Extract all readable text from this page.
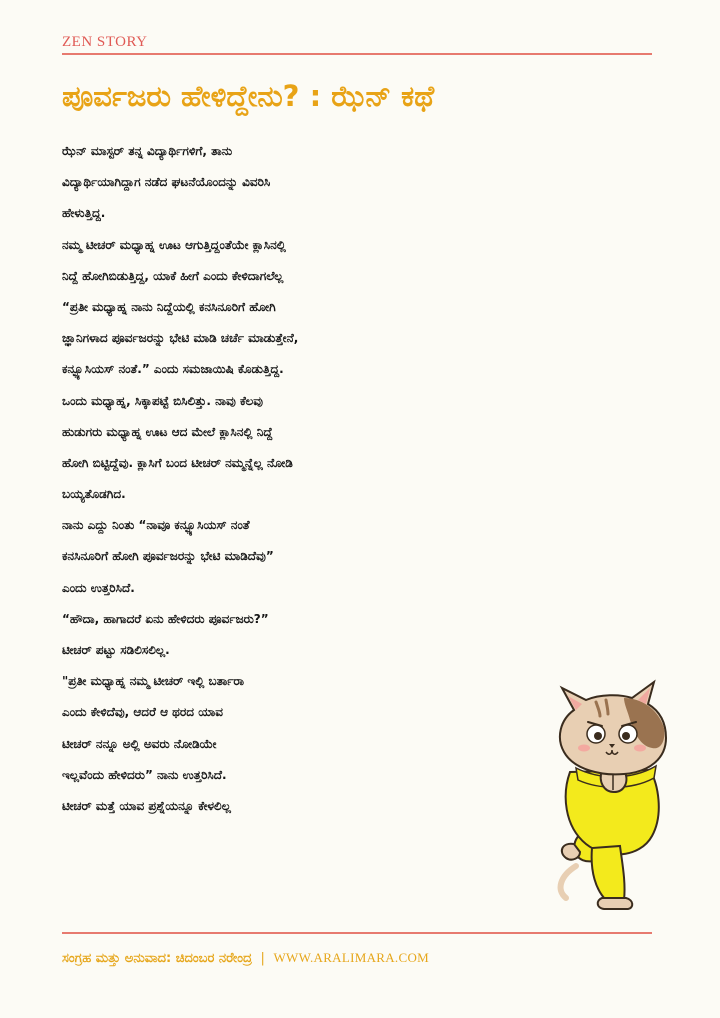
ZEN STORY
ಪೂರ್ವಜರು ಹೇಳಿದ್ದೇನು? : ಝೆನ್ ಕಥೆ
ಝೆನ್ ಮಾಸ್ಟರ್ ತನ್ನ ವಿದ್ಯಾರ್ಥಿಗಳಿಗೆ, ತಾನು
ವಿದ್ಯಾರ್ಥಿಯಾಗಿದ್ದಾಗ ನಡೆದ ಘಟನೆಯೊಂದನ್ನು ವಿವರಿಸಿ
ಹೇಳುತ್ತಿದ್ದ.
ನಮ್ಮ ಟೀಚರ್ ಮಧ್ಯಾಹ್ನ ಊಟ ಆಗುತ್ತಿದ್ದಂತೆಯೇ ಕ್ಲಾಸಿನಲ್ಲಿ
ನಿದ್ದೆ ಹೋಗಿಬಿಡುತ್ತಿದ್ದ, ಯಾಕೆ ಹೀಗೆ ಎಂದು ಕೇಳಿದಾಗಲೆಲ್ಲ
“ಪ್ರತೀ ಮಧ್ಯಾಹ್ನ ನಾನು ನಿದ್ದೆಯಲ್ಲಿ ಕನಸಿನೂರಿಗೆ ಹೋಗಿ
ಜ್ಞಾನಿಗಳಾದ ಪೂರ್ವಜರನ್ನು ಭೇಟಿ ಮಾಡಿ ಚರ್ಚೆ ಮಾಡುತ್ತೇನೆ,
ಕನ್ಫ್ಯೂಸಿಯಸ್ ನಂತೆ.” ಎಂದು ಸಮಜಾಯಿಷಿ ಕೊಡುತ್ತಿದ್ದ.
ಒಂದು ಮಧ್ಯಾಹ್ನ, ಸಿಕ್ಕಾಪಟ್ಟೆ ಬಿಸಿಲಿತ್ತು. ನಾವು ಕೆಲವು
ಹುಡುಗರು ಮಧ್ಯಾಹ್ನ ಊಟ ಆದ ಮೇಲೆ ಕ್ಲಾಸಿನಲ್ಲಿ ನಿದ್ದೆ
ಹೋಗಿ ಬಿಟ್ಟಿದ್ದೆವು. ಕ್ಲಾಸಿಗೆ ಬಂದ ಟೀಚರ್ ನಮ್ಮನ್ನೆಲ್ಲ ನೋಡಿ
ಬಯ್ಯತೊಡಗಿದ.
ನಾನು ಎದ್ದು ನಿಂತು “ನಾವೂ ಕನ್ಫ್ಯೂಸಿಯಸ್ ನಂತೆ
ಕನಸಿನೂರಿಗೆ ಹೋಗಿ ಪೂರ್ವಜರನ್ನು ಭೇಟಿ ಮಾಡಿದೆವು”
ಎಂದು ಉತ್ತರಿಸಿದೆ.
“ಹೌದಾ, ಹಾಗಾದರೆ ಏನು ಹೇಳಿದರು ಪೂರ್ವಜರು?”
ಟೀಚರ್ ಪಟ್ಟು ಸಡಿಲಿಸಲಿಲ್ಲ.
"ಪ್ರತೀ ಮಧ್ಯಾಹ್ನ ನಮ್ಮ ಟೀಚರ್ ಇಲ್ಲಿ ಬರ್ತಾರಾ
ಎಂದು ಕೇಳಿದೆವು, ಆದರೆ ಆ ಥರದ ಯಾವ
ಟೀಚರ್ ನನ್ನೂ ಅಲ್ಲಿ ಅವರು ನೋಡಿಯೇ
ಇಲ್ಲವೆಂದು ಹೇಳಿದರು” ನಾನು ಉತ್ತರಿಸಿದೆ.
ಟೀಚರ್ ಮತ್ತೆ ಯಾವ ಪ್ರಶ್ನೆಯನ್ನೂ ಕೇಳಲಿಲ್ಲ
ಸಂಗ್ರಹ ಮತ್ತು ಅನುವಾದ: ಚಿದಂಬರ ನರೇಂದ್ರ | WWW.ARALIMARA.COM
